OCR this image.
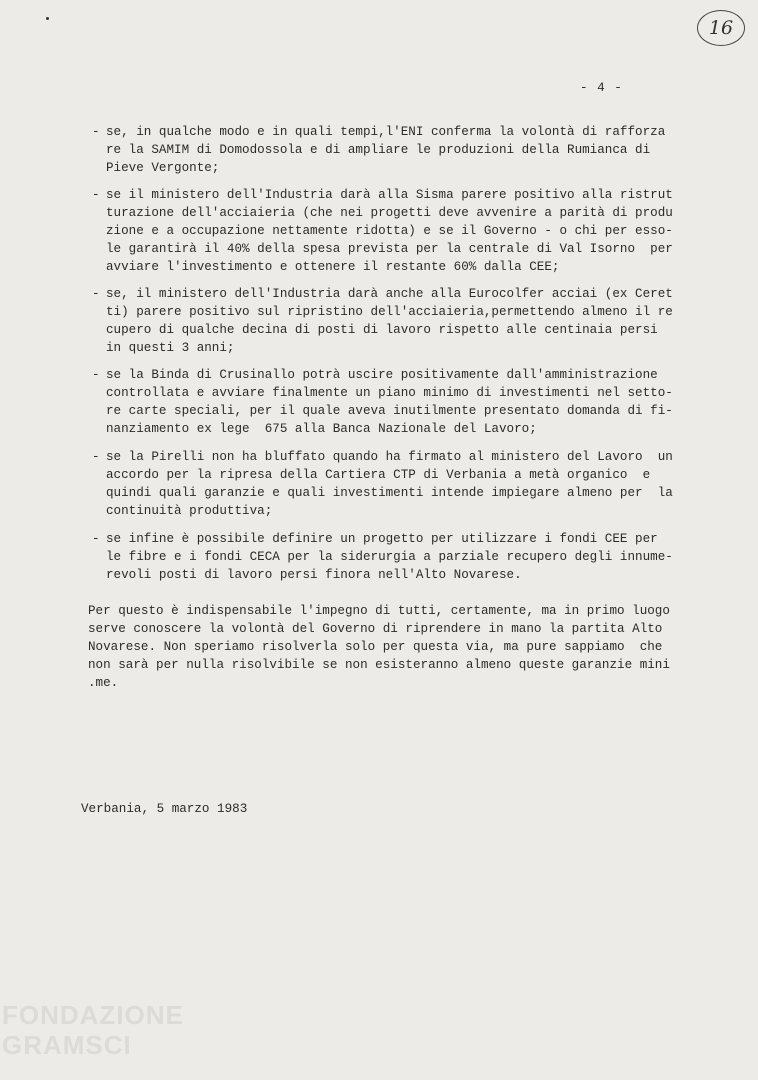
16
- 4 -

-

se, in qualche modo e in quali tempi,l'ENI conferma la volontà di rafforza
re la SAMIM di Domodossola e di ampliare le produzioni della Rumianca di
Pieve Vergonte;

-

se il ministero dell'Industria darà alla Sisma parere positivo alla ristrut
turazione dell'acciaieria (che nei progetti deve avvenire a parità di produ
zione e a occupazione nettamente ridotta) e se il Governo - o chi per esso-
le garantirà il 40% della spesa prevista per la centrale di Val Isorno  per
avviare l'investimento e ottenere il restante 60% dalla CEE;

-

se, il ministero dell'Industria darà anche alla Eurocolfer acciai (ex Ceret
ti) parere positivo sul ripristino dell'acciaieria,permettendo almeno il re
cupero di qualche decina di posti di lavoro rispetto alle centinaia persi
in questi 3 anni;

-

se la Binda di Crusinallo potrà uscire positivamente dall'amministrazione
controllata e avviare finalmente un piano minimo di investimenti nel setto-
re carte speciali, per il quale aveva inutilmente presentato domanda di fi-
nanziamento ex lege  675 alla Banca Nazionale del Lavoro;

-

se la Pirelli non ha bluffato quando ha firmato al ministero del Lavoro  un
accordo per la ripresa della Cartiera CTP di Verbania a metà organico  e
quindi quali garanzie e quali investimenti intende impiegare almeno per  la
continuità produttiva;

-

se infine è possibile definire un progetto per utilizzare i fondi CEE per
le fibre e i fondi CECA per la siderurgia a parziale recupero degli innume-
revoli posti di lavoro persi finora nell'Alto Novarese.

Per questo è indispensabile l'impegno di tutti, certamente, ma in primo luogo
serve conoscere la volontà del Governo di riprendere in mano la partita Alto
Novarese. Non speriamo risolverla solo per questa via, ma pure sappiamo  che
non sarà per nulla risolvibile se non esisteranno almeno queste garanzie mini
.me.
Verbania, 5 marzo 1983
FONDAZIONE
GRAMSCI
